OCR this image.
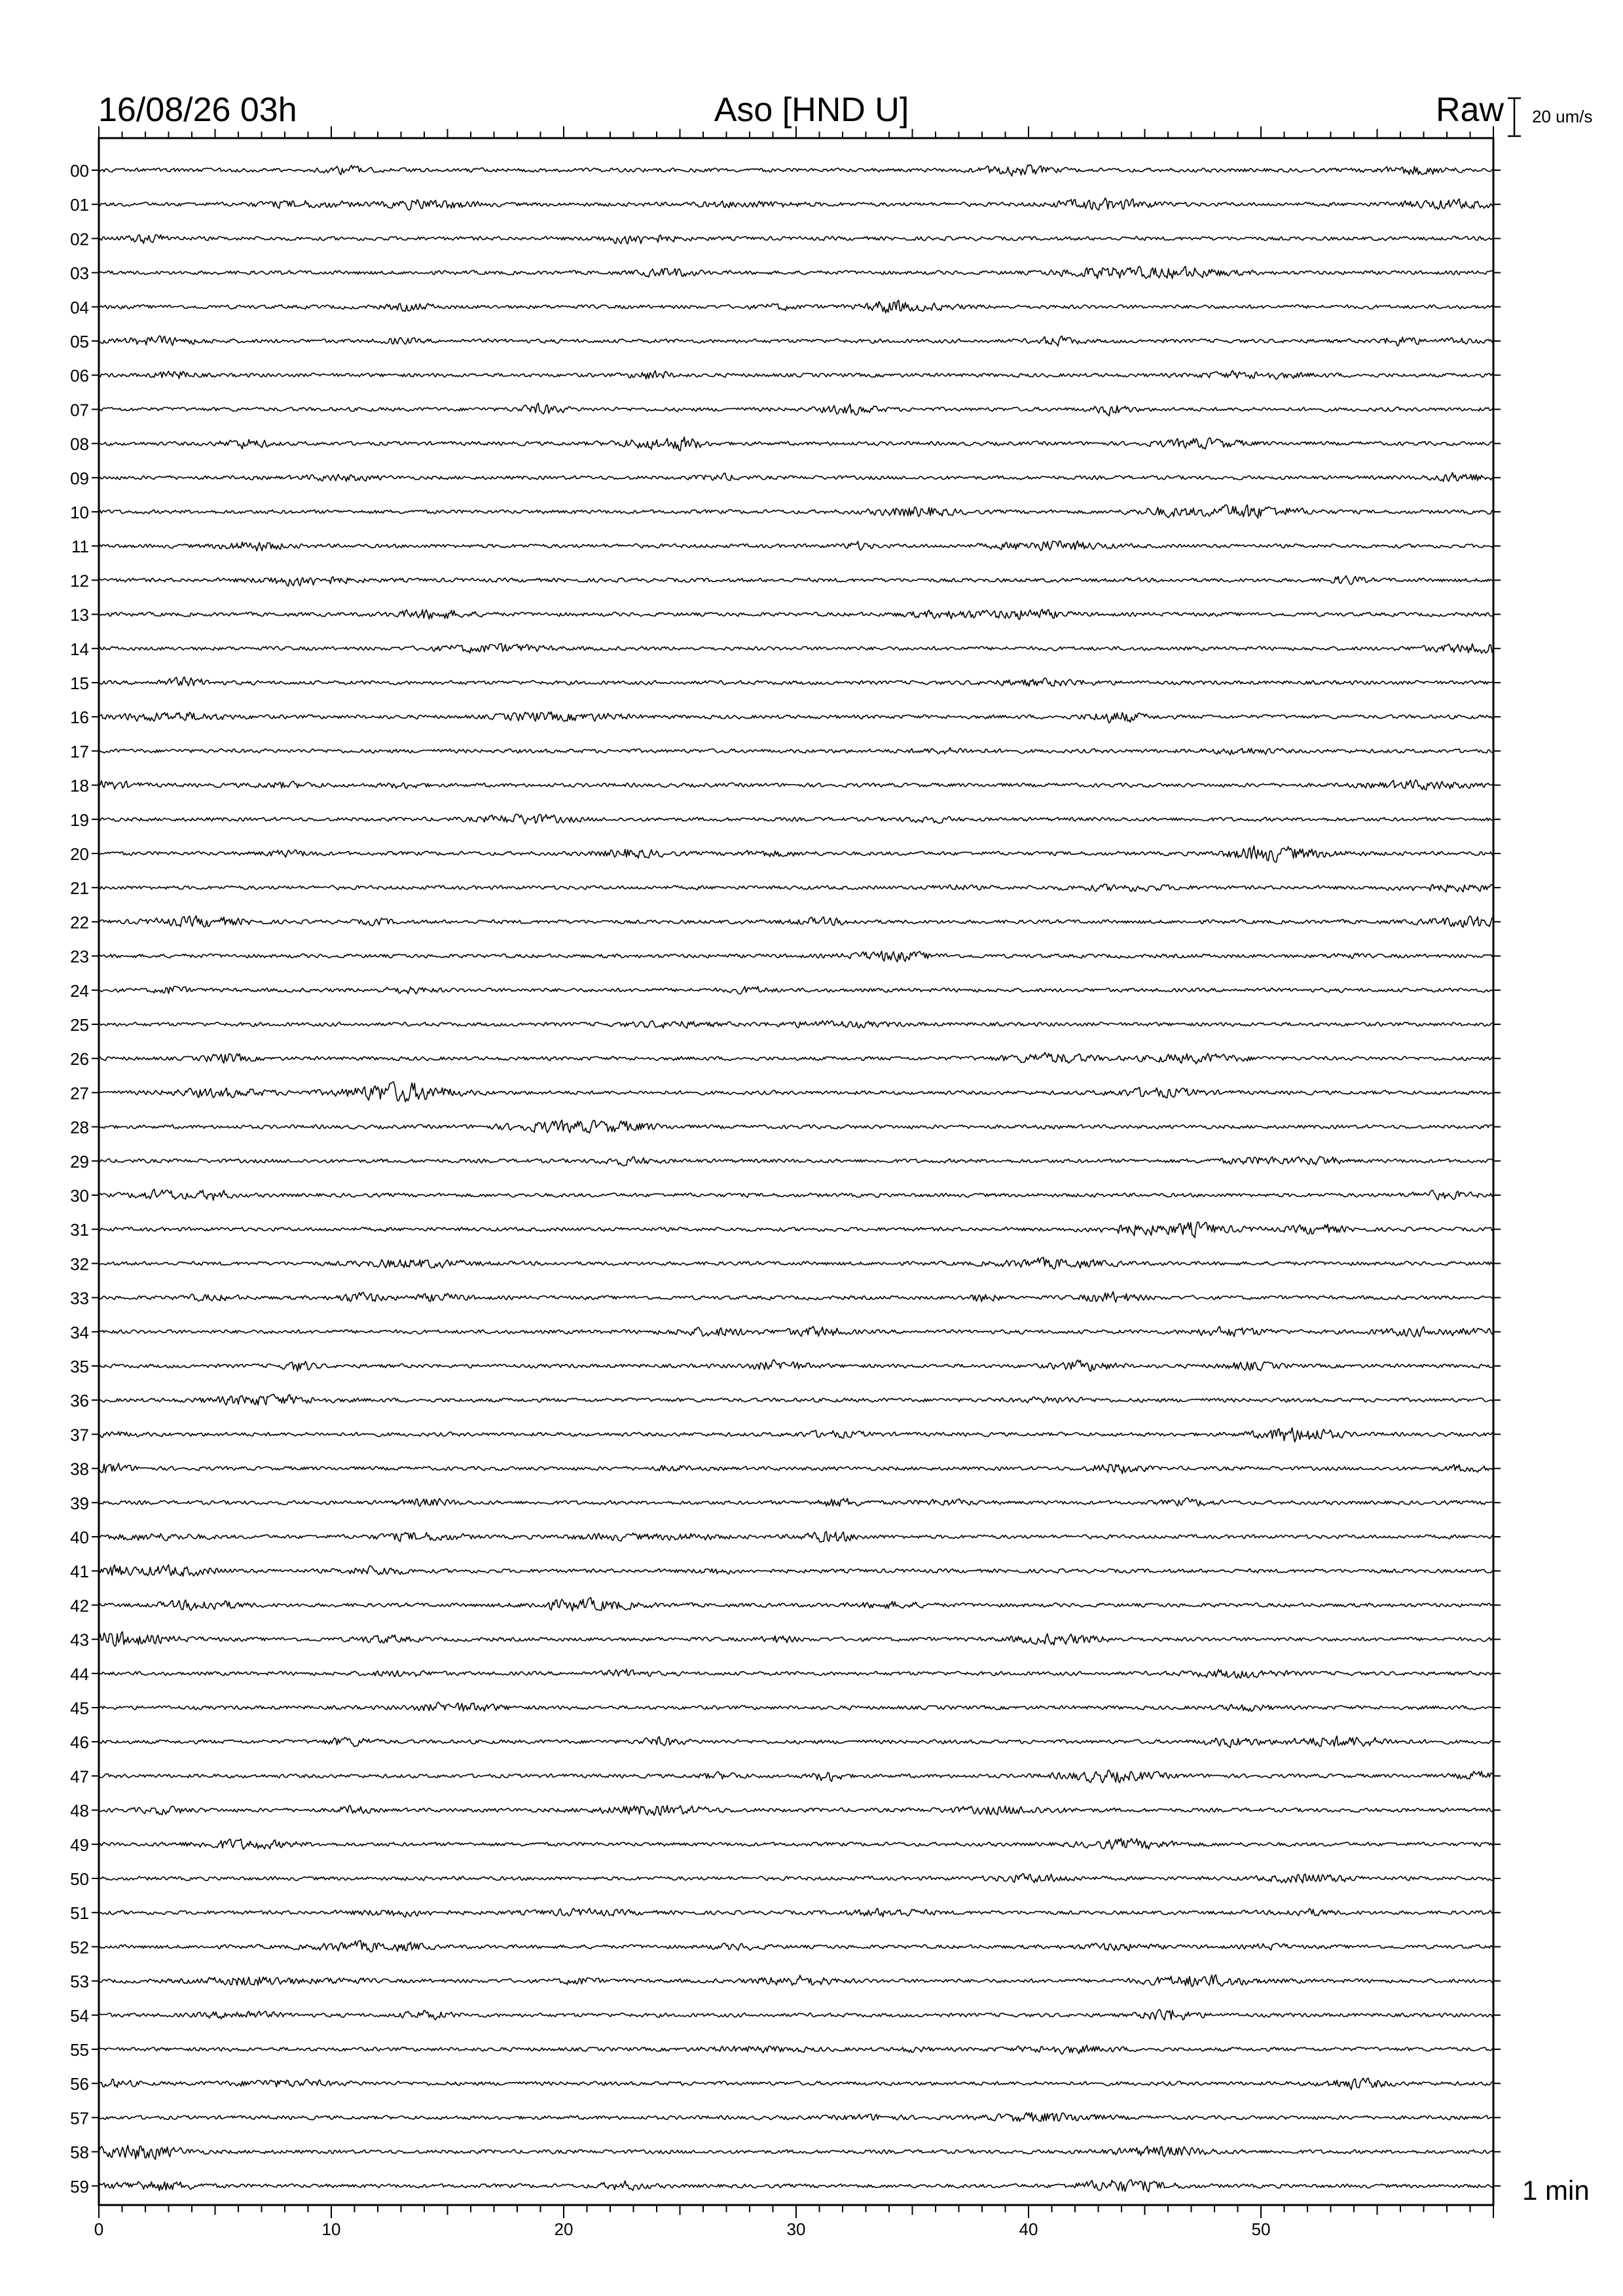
00
01
02
03
04
05
06
07
08
09
10
11
12
13
14
15
16
17
18
19
20
21
22
23
24
25
26
27
28
29
30
31
32
33
34
35
36
37
38
39
40
41
42
43
44
45
46
47
48
49
50
51
52
53
54
55
56
57
58
59
0	10	20	30	40	50
16/08/26 03h	Aso [HND U]	Raw 20 um/s
1 min
